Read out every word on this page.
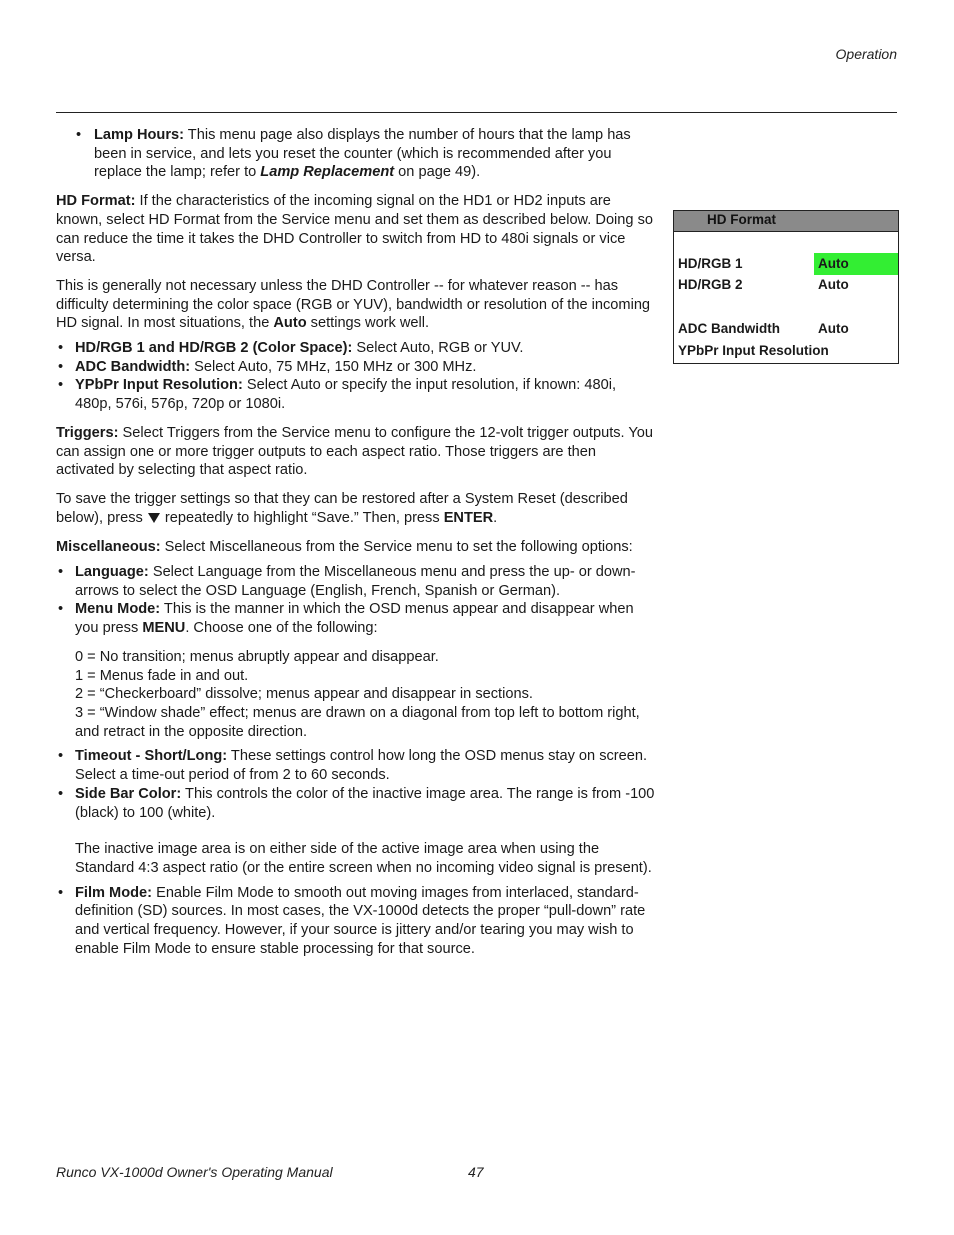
Operation

• Lamp Hours: This menu page also displays the number of hours that the lamp has been in service, and lets you reset the counter (which is recommended after you replace the lamp; refer to Lamp Replacement on page 49).

HD Format: If the characteristics of the incoming signal on the HD1 or HD2 inputs are known, select HD Format from the Service menu and set them as described below. Doing so can reduce the time it takes the DHD Controller to switch from HD to 480i signals or vice versa.

This is generally not necessary unless the DHD Controller -- for whatever reason -- has difficulty determining the color space (RGB or YUV), bandwidth or resolution of the incoming HD signal. In most situations, the Auto settings work well.

• HD/RGB 1 and HD/RGB 2 (Color Space): Select Auto, RGB or YUV.

• ADC Bandwidth: Select Auto, 75 MHz, 150 MHz or 300 MHz.

• YPbPr Input Resolution: Select Auto or specify the input resolution, if known: 480i, 480p, 576i, 576p, 720p or 1080i.

Triggers: Select Triggers from the Service menu to configure the 12-volt trigger outputs. You can assign one or more trigger outputs to each aspect ratio. Those triggers are then activated by selecting that aspect ratio.

To save the trigger settings so that they can be restored after a System Reset (described below), press  repeatedly to highlight “Save.” Then, press ENTER.

Miscellaneous: Select Miscellaneous from the Service menu to set the following options:

• Language: Select Language from the Miscellaneous menu and press the up- or down-arrows to select the OSD Language (English, French, Spanish or German).

• Menu Mode: This is the manner in which the OSD menus appear and disappear when you press MENU. Choose one of the following:

0 = No transition; menus abruptly appear and disappear.

1 = Menus fade in and out.

2 = “Checkerboard” dissolve; menus appear and disappear in sections.

3 = “Window shade” effect; menus are drawn on a diagonal from top left to bottom right, and retract in the opposite direction.

• Timeout - Short/Long: These settings control how long the OSD menus stay on screen. Select a time-out period of from 2 to 60 seconds.

• Side Bar Color: This controls the color of the inactive image area. The range is from -100 (black) to 100 (white).

The inactive image area is on either side of the active image area when using the Standard 4:3 aspect ratio (or the entire screen when no incoming video signal is present).

• Film Mode: Enable Film Mode to smooth out moving images from interlaced, standard-definition (SD) sources. In most cases, the VX-1000d detects the proper “pull-down” rate and vertical frequency. However, if your source is jittery and/or tearing you may wish to enable Film Mode to ensure stable processing for that source.

HD Format
HD/RGB 1	Auto
HD/RGB 2	Auto
ADC Bandwidth	Auto
YPbPr Input Resolution
Runco VX-1000d Owner's Operating Manual	47
